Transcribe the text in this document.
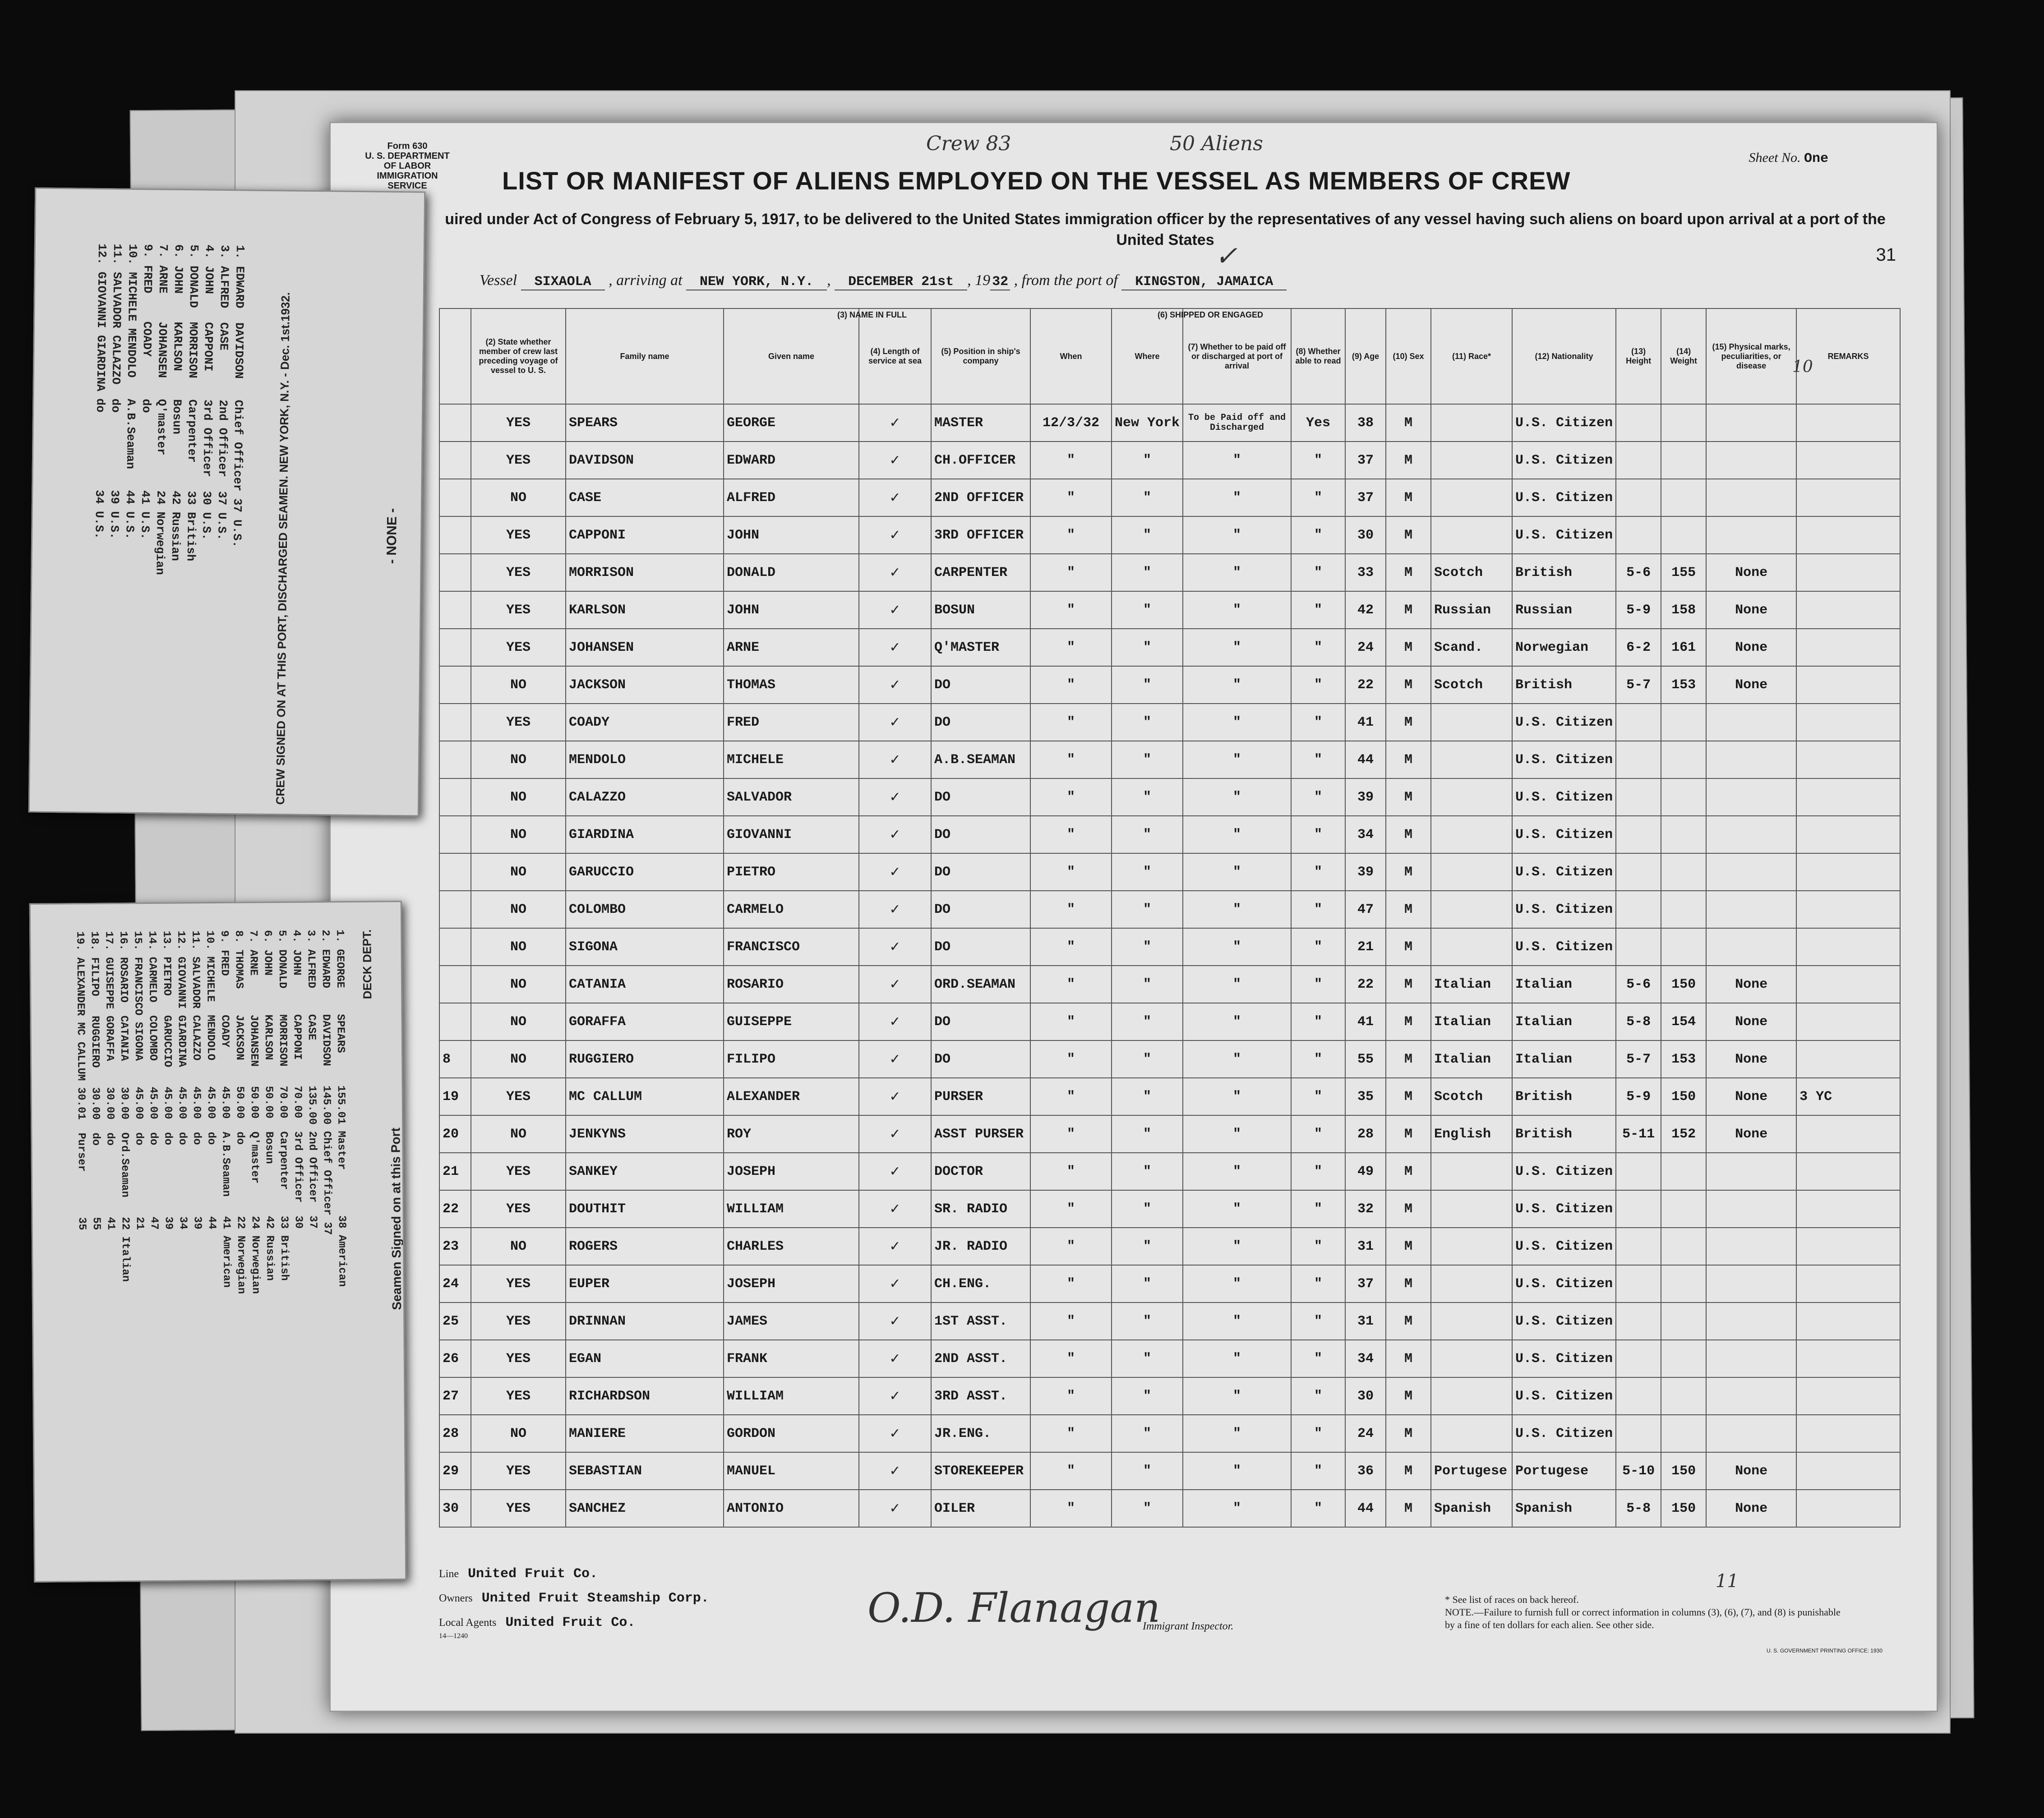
Form 630
U. S. DEPARTMENT OF LABOR
IMMIGRATION SERVICE
Crew 83	50 Aliens
Sheet No. One
LIST OR MANIFEST OF ALIENS EMPLOYED ON THE VESSEL AS MEMBERS OF CREW
uired under Act of Congress of February 5, 1917, to be delivered to the United States immigration officer by the representatives of any vessel having such aliens on board upon arrival at a port of the United States
31
✓
Vessel SIXAOLA , arriving at NEW YORK, N.Y. , DECEMBER 21st , 19 32 , from the port of KINGSTON, JAMAICA
	(2) State whether member of crew last preceding voyage of vessel to U. S.	Family name	Given name	(4) Length of service at sea	(5) Position in ship's company	When	Where	(7) Whether to be paid off or discharged at port of arrival	(8) Whether able to read	(9) Age	(10) Sex	(11) Race*	(12) Nationality	(13) Height	(14) Weight	(15) Physical marks, peculiarities, or disease	REMARKS
	YES	SPEARS	GEORGE	✓	MASTER	12/3/32	New York	To be Paid off and Discharged	Yes	38	M		U.S. Citizen				
	YES	DAVIDSON	EDWARD	✓	CH.OFFICER	"	"	"	"	37	M		U.S. Citizen				
	NO	CASE	ALFRED	✓	2ND OFFICER	"	"	"	"	37	M		U.S. Citizen				
	YES	CAPPONI	JOHN	✓	3RD OFFICER	"	"	"	"	30	M		U.S. Citizen				
	YES	MORRISON	DONALD	✓	CARPENTER	"	"	"	"	33	M	Scotch	British	5-6	155	None	
	YES	KARLSON	JOHN	✓	BOSUN	"	"	"	"	42	M	Russian	Russian	5-9	158	None	
	YES	JOHANSEN	ARNE	✓	Q'MASTER	"	"	"	"	24	M	Scand.	Norwegian	6-2	161	None	
	NO	JACKSON	THOMAS	✓	DO	"	"	"	"	22	M	Scotch	British	5-7	153	None	
	YES	COADY	FRED	✓	DO	"	"	"	"	41	M		U.S. Citizen				
	NO	MENDOLO	MICHELE	✓	A.B.SEAMAN	"	"	"	"	44	M		U.S. Citizen				
	NO	CALAZZO	SALVADOR	✓	DO	"	"	"	"	39	M		U.S. Citizen				
	NO	GIARDINA	GIOVANNI	✓	DO	"	"	"	"	34	M		U.S. Citizen				
	NO	GARUCCIO	PIETRO	✓	DO	"	"	"	"	39	M		U.S. Citizen				
	NO	COLOMBO	CARMELO	✓	DO	"	"	"	"	47	M		U.S. Citizen				
	NO	SIGONA	FRANCISCO	✓	DO	"	"	"	"	21	M		U.S. Citizen				
	NO	CATANIA	ROSARIO	✓	ORD.SEAMAN	"	"	"	"	22	M	Italian	Italian	5-6	150	None	
	NO	GORAFFA	GUISEPPE	✓	DO	"	"	"	"	41	M	Italian	Italian	5-8	154	None	
8	NO	RUGGIERO	FILIPO	✓	DO	"	"	"	"	55	M	Italian	Italian	5-7	153	None	
19	YES	MC CALLUM	ALEXANDER	✓	PURSER	"	"	"	"	35	M	Scotch	British	5-9	150	None	3 YC
20	NO	JENKYNS	ROY	✓	ASST PURSER	"	"	"	"	28	M	English	British	5-11	152	None	
21	YES	SANKEY	JOSEPH	✓	DOCTOR	"	"	"	"	49	M		U.S. Citizen				
22	YES	DOUTHIT	WILLIAM	✓	SR. RADIO	"	"	"	"	32	M		U.S. Citizen				
23	NO	ROGERS	CHARLES	✓	JR. RADIO	"	"	"	"	31	M		U.S. Citizen				
24	YES	EUPER	JOSEPH	✓	CH.ENG.	"	"	"	"	37	M		U.S. Citizen				
25	YES	DRINNAN	JAMES	✓	1ST ASST.	"	"	"	"	31	M		U.S. Citizen				
26	YES	EGAN	FRANK	✓	2ND ASST.	"	"	"	"	34	M		U.S. Citizen				
27	YES	RICHARDSON	WILLIAM	✓	3RD ASST.	"	"	"	"	30	M		U.S. Citizen				
28	NO	MANIERE	GORDON	✓	JR.ENG.	"	"	"	"	24	M		U.S. Citizen				
29	YES	SEBASTIAN	MANUEL	✓	STOREKEEPER	"	"	"	"	36	M	Portugese	Portugese	5-10	150	None	
30	YES	SANCHEZ	ANTONIO	✓	OILER	"	"	"	"	44	M	Spanish	Spanish	5-8	150	None	
10
(6) SHIPPED OR ENGAGED
(3) NAME IN FULL
Line United Fruit Co.
Owners United Fruit Steamship Corp.
Local Agents United Fruit Co.
14—1240
O.D. Flanagan
Immigrant Inspector.
11
* See list of races on back hereof.
NOTE.—Failure to furnish full or correct information in columns (3), (6), (7), and (8) is punishable by a fine of ten dollars for each alien. See other side.
U. S. GOVERNMENT PRINTING OFFICE: 1930
CREW SIGNED ON AT THIS PORT, DISCHARGED SEAMEN. NEW YORK, N.Y. - Dec. 1st.1932.	- NONE -
1. EDWARD  DAVIDSON   Chief Officer 37 U.S.
3. ALFRED  CASE       2nd Officer  37 U.S.
4. JOHN    CAPPONI    3rd Officer  30 U.S.
5. DONALD  MORRISON   Carpenter    33 British
6. JOHN    KARLSON    Bosun        42 Russian
7. ARNE    JOHANSEN   Q'master     24 Norwegian
9. FRED    COADY      do           41 U.S.
10. MICHELE MENDOLO   A.B.Seaman   44 U.S.
11. SALVADOR CALAZZO  do           39 U.S.
12. GIOVANNI GIARDINA do           34 U.S.
Seamen Signed on at this Port
DECK DEPT.
1. GEORGE    SPEARS     155.01 Master       38 American
2. EDWARD    DAVIDSON   145.00 Chief Officer 37
3. ALFRED    CASE       135.00 2nd Officer  37
4. JOHN      CAPPONI    70.00  3rd Officer  30
5. DONALD    MORRISON   70.00  Carpenter    33 British
6. JOHN      KARLSON    50.00  Bosun        42 Russian
7. ARNE      JOHANSEN   50.00  Q'master     24 Norwegian
8. THOMAS    JACKSON    50.00  do           22 Norwegian
9. FRED      COADY      45.00  A.B.Seaman   41 American
10. MICHELE  MENDOLO    45.00  do           44
11. SALVADOR CALAZZO    45.00  do           39
12. GIOVANNI GIARDINA   45.00  do           34
13. PIETRO   GARUCCIO   45.00  do           39
14. CARMELO  COLOMBO    45.00  do           47
15. FRANCISCO SIGONA    45.00  do           21
16. ROSARIO  CATANIA    30.00  Ord.Seaman   22 Italian
17. GUISEPPE GORAFFA    30.00  do           41
18. FILIPO   RUGGIERO   30.00  do           55
19. ALEXANDER MC CALLUM 30.01  Purser       35
